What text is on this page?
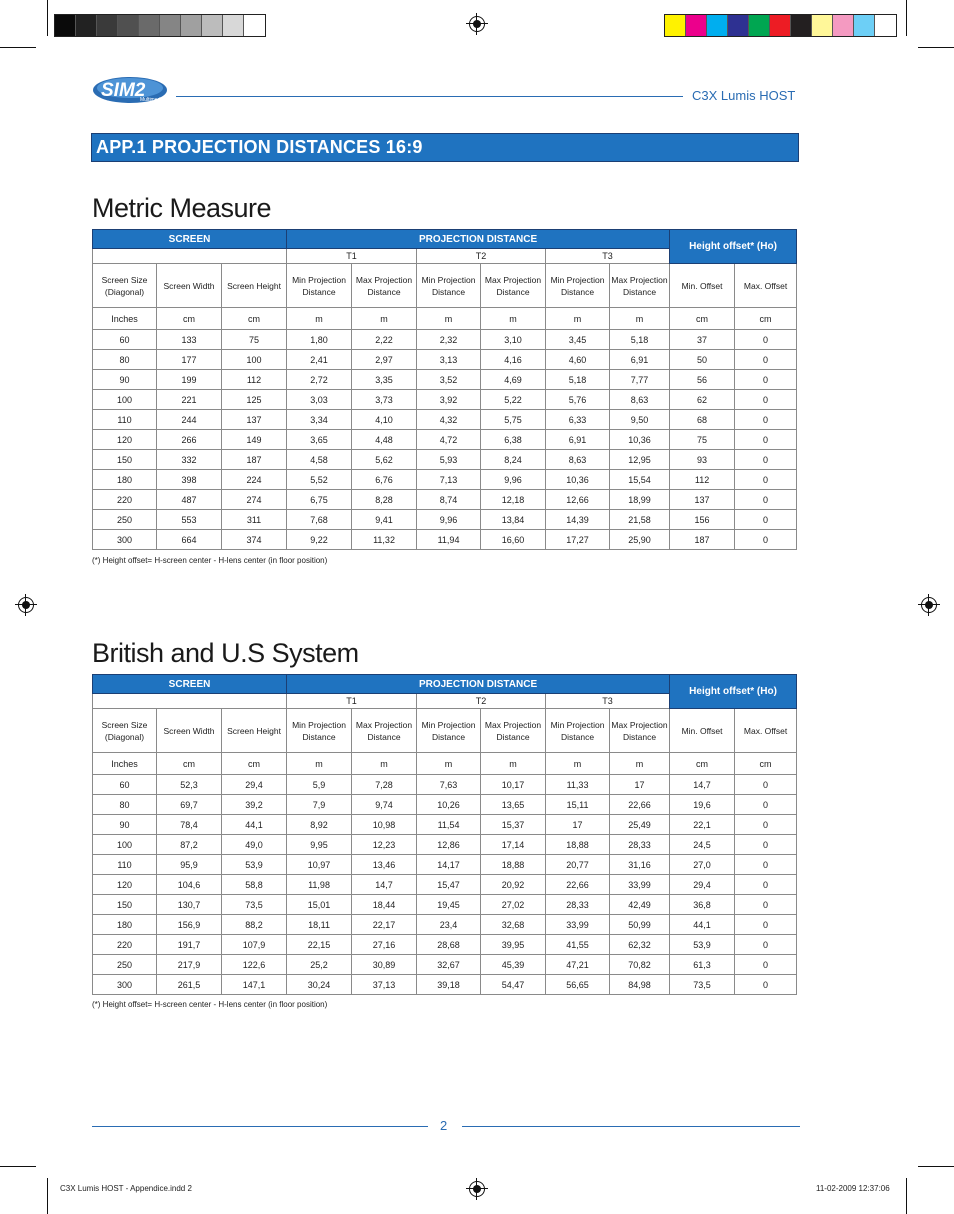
SIM2
Multimedia	C3X Lumis HOST
APP.1 PROJECTION DISTANCES 16:9
Metric Measure
SCREEN			PROJECTION DISTANCE						Height offset* (Ho)	
			T1		T2		T3			
Screen Size (Diagonal)	Screen Width	Screen Height	Min Projection Distance	Max Projection Distance	Min Projection Distance	Max Projection Distance	Min Projection Distance	Max Projection Distance	Min. Offset	Max. Offset
Inches	cm	cm	m	m	m	m	m	m	cm	cm
60	133	75	1,80	2,22	2,32	3,10	3,45	5,18	37	0
80	177	100	2,41	2,97	3,13	4,16	4,60	6,91	50	0
90	199	112	2,72	3,35	3,52	4,69	5,18	7,77	56	0
100	221	125	3,03	3,73	3,92	5,22	5,76	8,63	62	0
110	244	137	3,34	4,10	4,32	5,75	6,33	9,50	68	0
120	266	149	3,65	4,48	4,72	6,38	6,91	10,36	75	0
150	332	187	4,58	5,62	5,93	8,24	8,63	12,95	93	0
180	398	224	5,52	6,76	7,13	9,96	10,36	15,54	112	0
220	487	274	6,75	8,28	8,74	12,18	12,66	18,99	137	0
250	553	311	7,68	9,41	9,96	13,84	14,39	21,58	156	0
300	664	374	9,22	11,32	11,94	16,60	17,27	25,90	187	0
(*) Height offset= H-screen center - H-lens center (in floor position)
British and U.S System
SCREEN			PROJECTION DISTANCE						Height offset* (Ho)	
			T1		T2		T3			
Screen Size (Diagonal)	Screen Width	Screen Height	Min Projection Distance	Max Projection Distance	Min Projection Distance	Max Projection Distance	Min Projection Distance	Max Projection Distance	Min. Offset	Max. Offset
Inches	cm	cm	m	m	m	m	m	m	cm	cm
60	52,3	29,4	5,9	7,28	7,63	10,17	11,33	17	14,7	0
80	69,7	39,2	7,9	9,74	10,26	13,65	15,11	22,66	19,6	0
90	78,4	44,1	8,92	10,98	11,54	15,37	17	25,49	22,1	0
100	87,2	49,0	9,95	12,23	12,86	17,14	18,88	28,33	24,5	0
110	95,9	53,9	10,97	13,46	14,17	18,88	20,77	31,16	27,0	0
120	104,6	58,8	11,98	14,7	15,47	20,92	22,66	33,99	29,4	0
150	130,7	73,5	15,01	18,44	19,45	27,02	28,33	42,49	36,8	0
180	156,9	88,2	18,11	22,17	23,4	32,68	33,99	50,99	44,1	0
220	191,7	107,9	22,15	27,16	28,68	39,95	41,55	62,32	53,9	0
250	217,9	122,6	25,2	30,89	32,67	45,39	47,21	70,82	61,3	0
300	261,5	147,1	30,24	37,13	39,18	54,47	56,65	84,98	73,5	0
(*) Height offset= H-screen center - H-lens center (in floor position)
2
C3X Lumis HOST - Appendice.indd 2	11-02-2009 12:37:06
